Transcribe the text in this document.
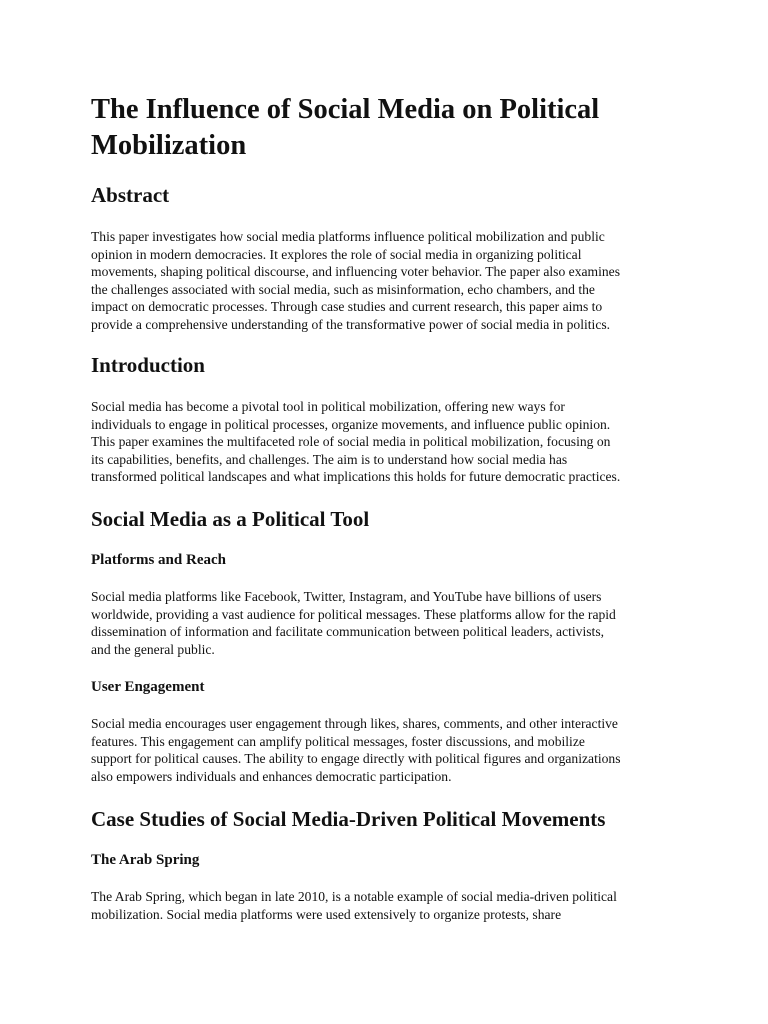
The Influence of Social Media on Political
Mobilization
Abstract

This paper investigates how social media platforms influence political mobilization and public
opinion in modern democracies. It explores the role of social media in organizing political
movements, shaping political discourse, and influencing voter behavior. The paper also examines
the challenges associated with social media, such as misinformation, echo chambers, and the
impact on democratic processes. Through case studies and current research, this paper aims to
provide a comprehensive understanding of the transformative power of social media in politics.

Introduction

Social media has become a pivotal tool in political mobilization, offering new ways for
individuals to engage in political processes, organize movements, and influence public opinion.
This paper examines the multifaceted role of social media in political mobilization, focusing on
its capabilities, benefits, and challenges. The aim is to understand how social media has
transformed political landscapes and what implications this holds for future democratic practices.

Social Media as a Political Tool
Platforms and Reach

Social media platforms like Facebook, Twitter, Instagram, and YouTube have billions of users
worldwide, providing a vast audience for political messages. These platforms allow for the rapid
dissemination of information and facilitate communication between political leaders, activists,
and the general public.

User Engagement

Social media encourages user engagement through likes, shares, comments, and other interactive
features. This engagement can amplify political messages, foster discussions, and mobilize
support for political causes. The ability to engage directly with political figures and organizations
also empowers individuals and enhances democratic participation.

Case Studies of Social Media-Driven Political Movements
The Arab Spring

The Arab Spring, which began in late 2010, is a notable example of social media-driven political
mobilization. Social media platforms were used extensively to organize protests, share
